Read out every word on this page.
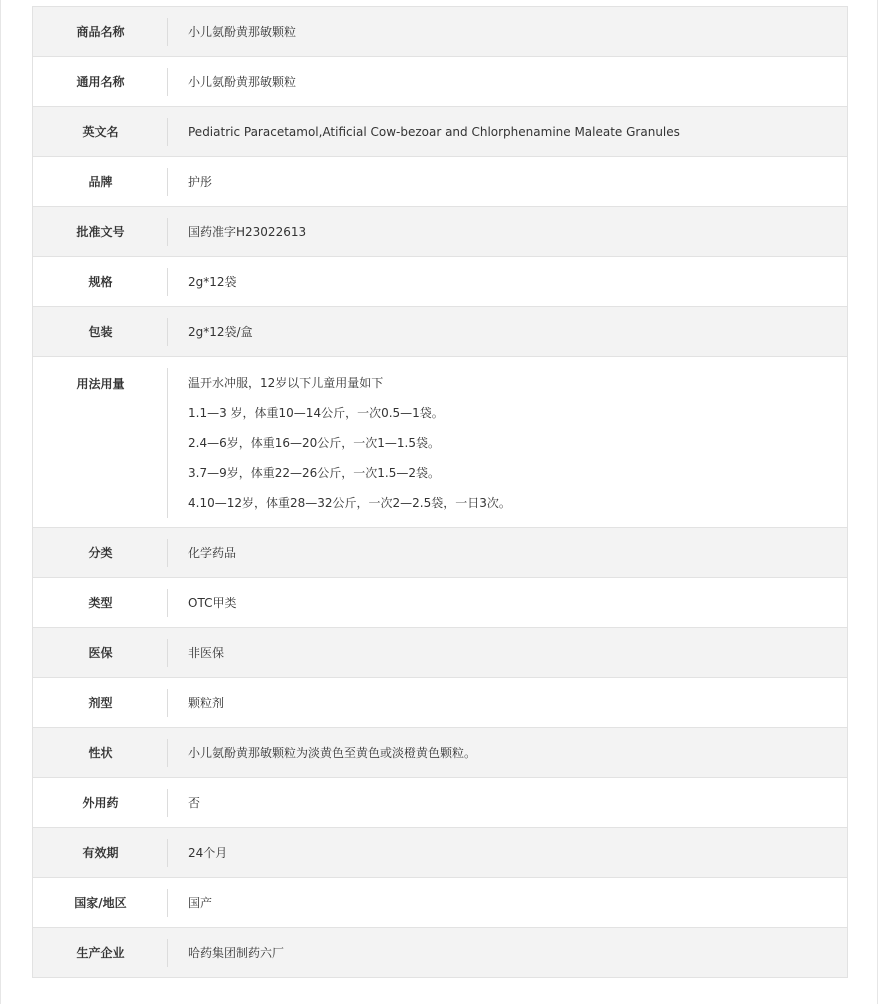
商品名称	小儿氨酚黄那敏颗粒
通用名称	小儿氨酚黄那敏颗粒
英文名	Pediatric Paracetamol,Atificial Cow-bezoar and Chlorphenamine Maleate Granules
品牌	护彤
批准文号	国药准字H23022613
规格	2g*12袋
包装	2g*12袋/盒
用法用量	温开水冲服，12岁以下儿童用量如下
1.1—3 岁，体重10—14公斤，一次0.5—1袋。
2.4—6岁，体重16—20公斤，一次1—1.5袋。
3.7—9岁，体重22—26公斤，一次1.5—2袋。
4.10—12岁，体重28—32公斤，一次2—2.5袋，一日3次。
分类	化学药品
类型	OTC甲类
医保	非医保
剂型	颗粒剂
性状	小儿氨酚黄那敏颗粒为淡黄色至黄色或淡橙黄色颗粒。
外用药	否
有效期	24个月
国家/地区	国产
生产企业	哈药集团制药六厂
